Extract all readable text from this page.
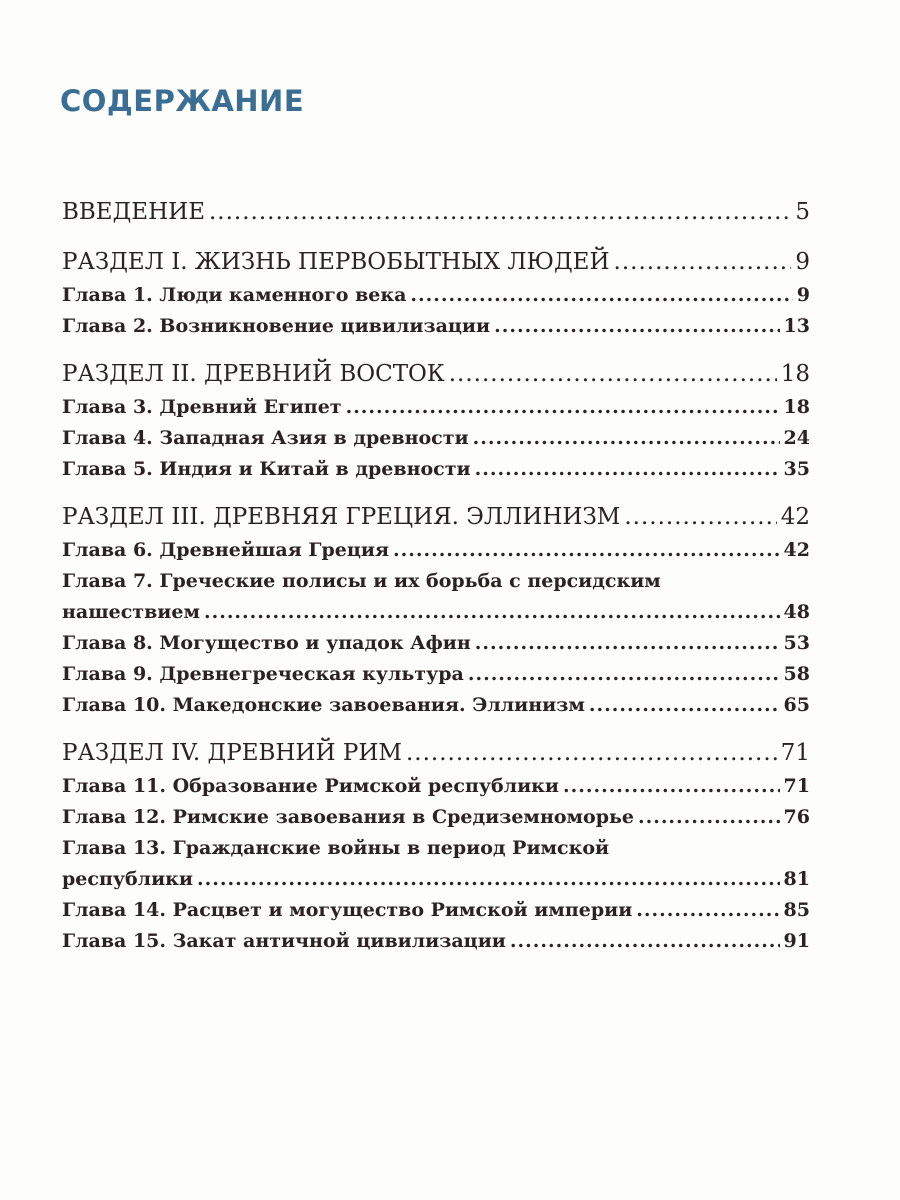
СОДЕРЖАНИЕ
ВВЕДЕНИЕ .....	5
РАЗДЕЛ I. ЖИЗНЬ ПЕРВОБЫТНЫХ ЛЮДЕЙ .....	9
Глава 1. Люди каменного века .....	9
Глава 2. Возникновение цивилизации .....	13
РАЗДЕЛ II. ДРЕВНИЙ ВОСТОК .....	18
Глава 3. Древний Египет .....	18
Глава 4. Западная Азия в древности .....	24
Глава 5. Индия и Китай в древности .....	35
РАЗДЕЛ III. ДРЕВНЯЯ ГРЕЦИЯ. ЭЛЛИНИЗМ .....	42
Глава 6. Древнейшая Греция .....	42
Глава 7. Греческие полисы и их борьба с персидским
нашествием .....	48
Глава 8. Могущество и упадок Афин .....	53
Глава 9. Древнегреческая культура .....	58
Глава 10. Македонские завоевания. Эллинизм .....	65
РАЗДЕЛ IV. ДРЕВНИЙ РИМ .....	71
Глава 11. Образование Римской республики .....	71
Глава 12. Римские завоевания в Средиземноморье .....	76
Глава 13. Гражданские войны в период Римской
республики .....	81
Глава 14. Расцвет и могущество Римской империи .....	85
Глава 15. Закат античной цивилизации .....	91
